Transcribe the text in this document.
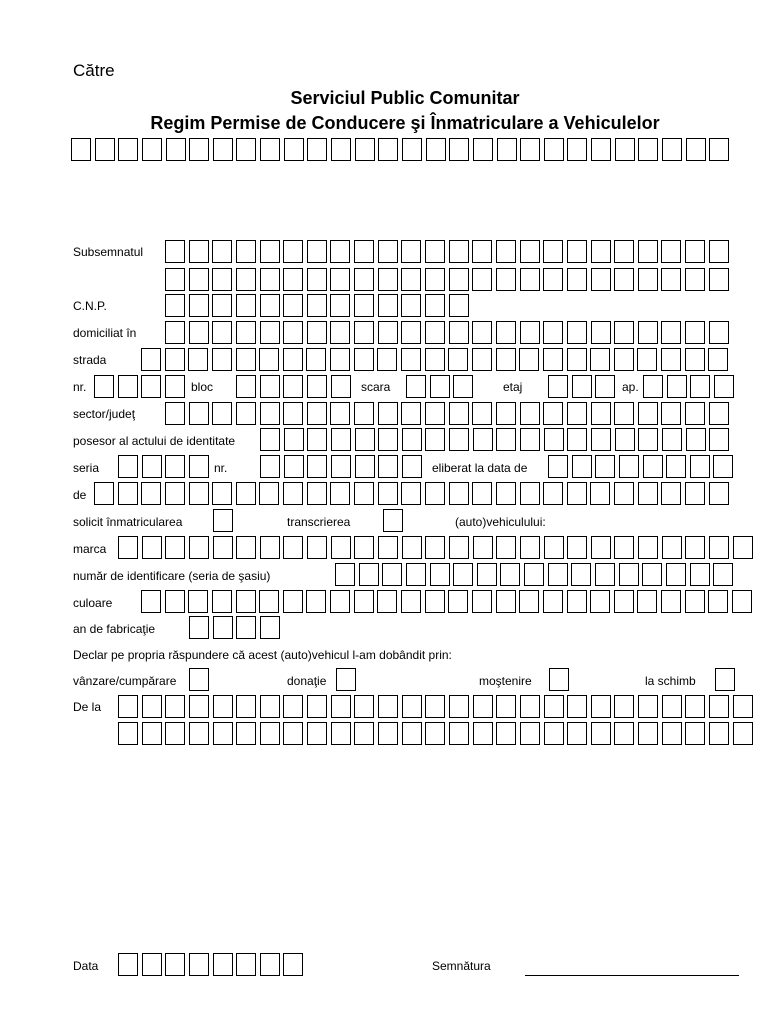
Către
Serviciul Public Comunitar
Regim Permise de Conducere şi Înmatriculare a Vehiculelor
Subsemnatul
C.N.P.
domiciliat în
strada
nr.	bloc	scara	etaj	ap.
sector/judeţ
posesor al actului de identitate
seria	nr.	eliberat la data de
de
solicit înmatricularea	transcrierea	(auto)vehiculului:
marca
număr de identificare (seria de şasiu)
culoare
an de fabricaţie
Declar pe propria răspundere că acest (auto)vehicul l-am dobândit prin:
vânzare/cumpărare	donaţie	moştenire	la schimb
De la
Data	Semnătura
